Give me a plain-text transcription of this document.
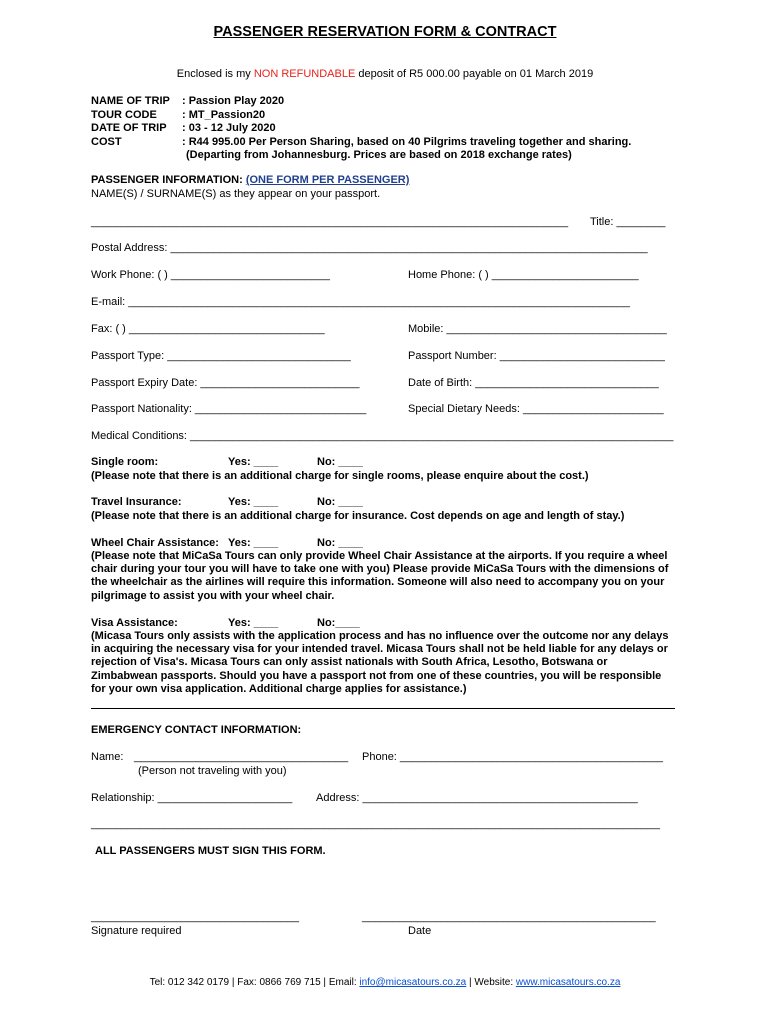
PASSENGER RESERVATION FORM & CONTRACT
Enclosed is my NON REFUNDABLE deposit of R5 000.00 payable on 01 March 2019
NAME OF TRIP	: Passion Play 2020
TOUR CODE	: MT_Passion20
DATE OF TRIP	: 03 - 12 July 2020
COST	: R44 995.00 Per Person Sharing, based on 40 Pilgrims traveling together and sharing.
	(Departing from Johannesburg. Prices are based on 2018 exchange rates)
PASSENGER INFORMATION: (ONE FORM PER PASSENGER)
NAME(S) / SURNAME(S) as they appear on your passport.
______________________________________________________________________________ Title: ________
Postal Address: ______________________________________________________________________________
Work Phone: ( ) __________________________	Home Phone: ( ) ________________________
E-mail: __________________________________________________________________________________
Fax: ( ) ________________________________	Mobile: ____________________________________
Passport Type: ______________________________	Passport Number: ___________________________
Passport Expiry Date: __________________________	Date of Birth: ______________________________
Passport Nationality: ____________________________	Special Dietary Needs: _______________________
Medical Conditions: _______________________________________________________________________________
Single room:	Yes: ____	No: ____
(Please note that there is an additional charge for single rooms, please enquire about the cost.)
Travel Insurance:	Yes: ____	No: ____
(Please note that there is an additional charge for insurance. Cost depends on age and length of stay.)
Wheel Chair Assistance: Yes: ____	No: ____
(Please note that MiCaSa Tours can only provide Wheel Chair Assistance at the airports. If you require a wheel chair during your tour you will have to take one with you) Please provide MiCaSa Tours with the dimensions of the wheelchair as the airlines will require this information. Someone will also need to accompany you on your pilgrimage to assist you with your wheel chair.
Visa Assistance:	Yes: ____	No:____
(Micasa Tours only assists with the application process and has no influence over the outcome nor any delays in acquiring the necessary visa for your intended travel. Micasa Tours shall not be held liable for any delays or rejection of Visa's. Micasa Tours can only assist nationals with South Africa, Lesotho, Botswana or Zimbabwean passports. Should you have a passport not from one of these countries, you will be responsible for your own visa application. Additional charge applies for assistance.)
EMERGENCY CONTACT INFORMATION:
Name: ___________________________________ Phone: ___________________________________________
(Person not traveling with you)
Relationship: ______________________ Address: _____________________________________________
_____________________________________________________________________________________________
ALL PASSENGERS MUST SIGN THIS FORM.
__________________________________
Signature required
________________________________________________
Date
Tel: 012 342 0179 | Fax: 0866 769 715 | Email: info@micasatours.co.za | Website: www.micasatours.co.za
